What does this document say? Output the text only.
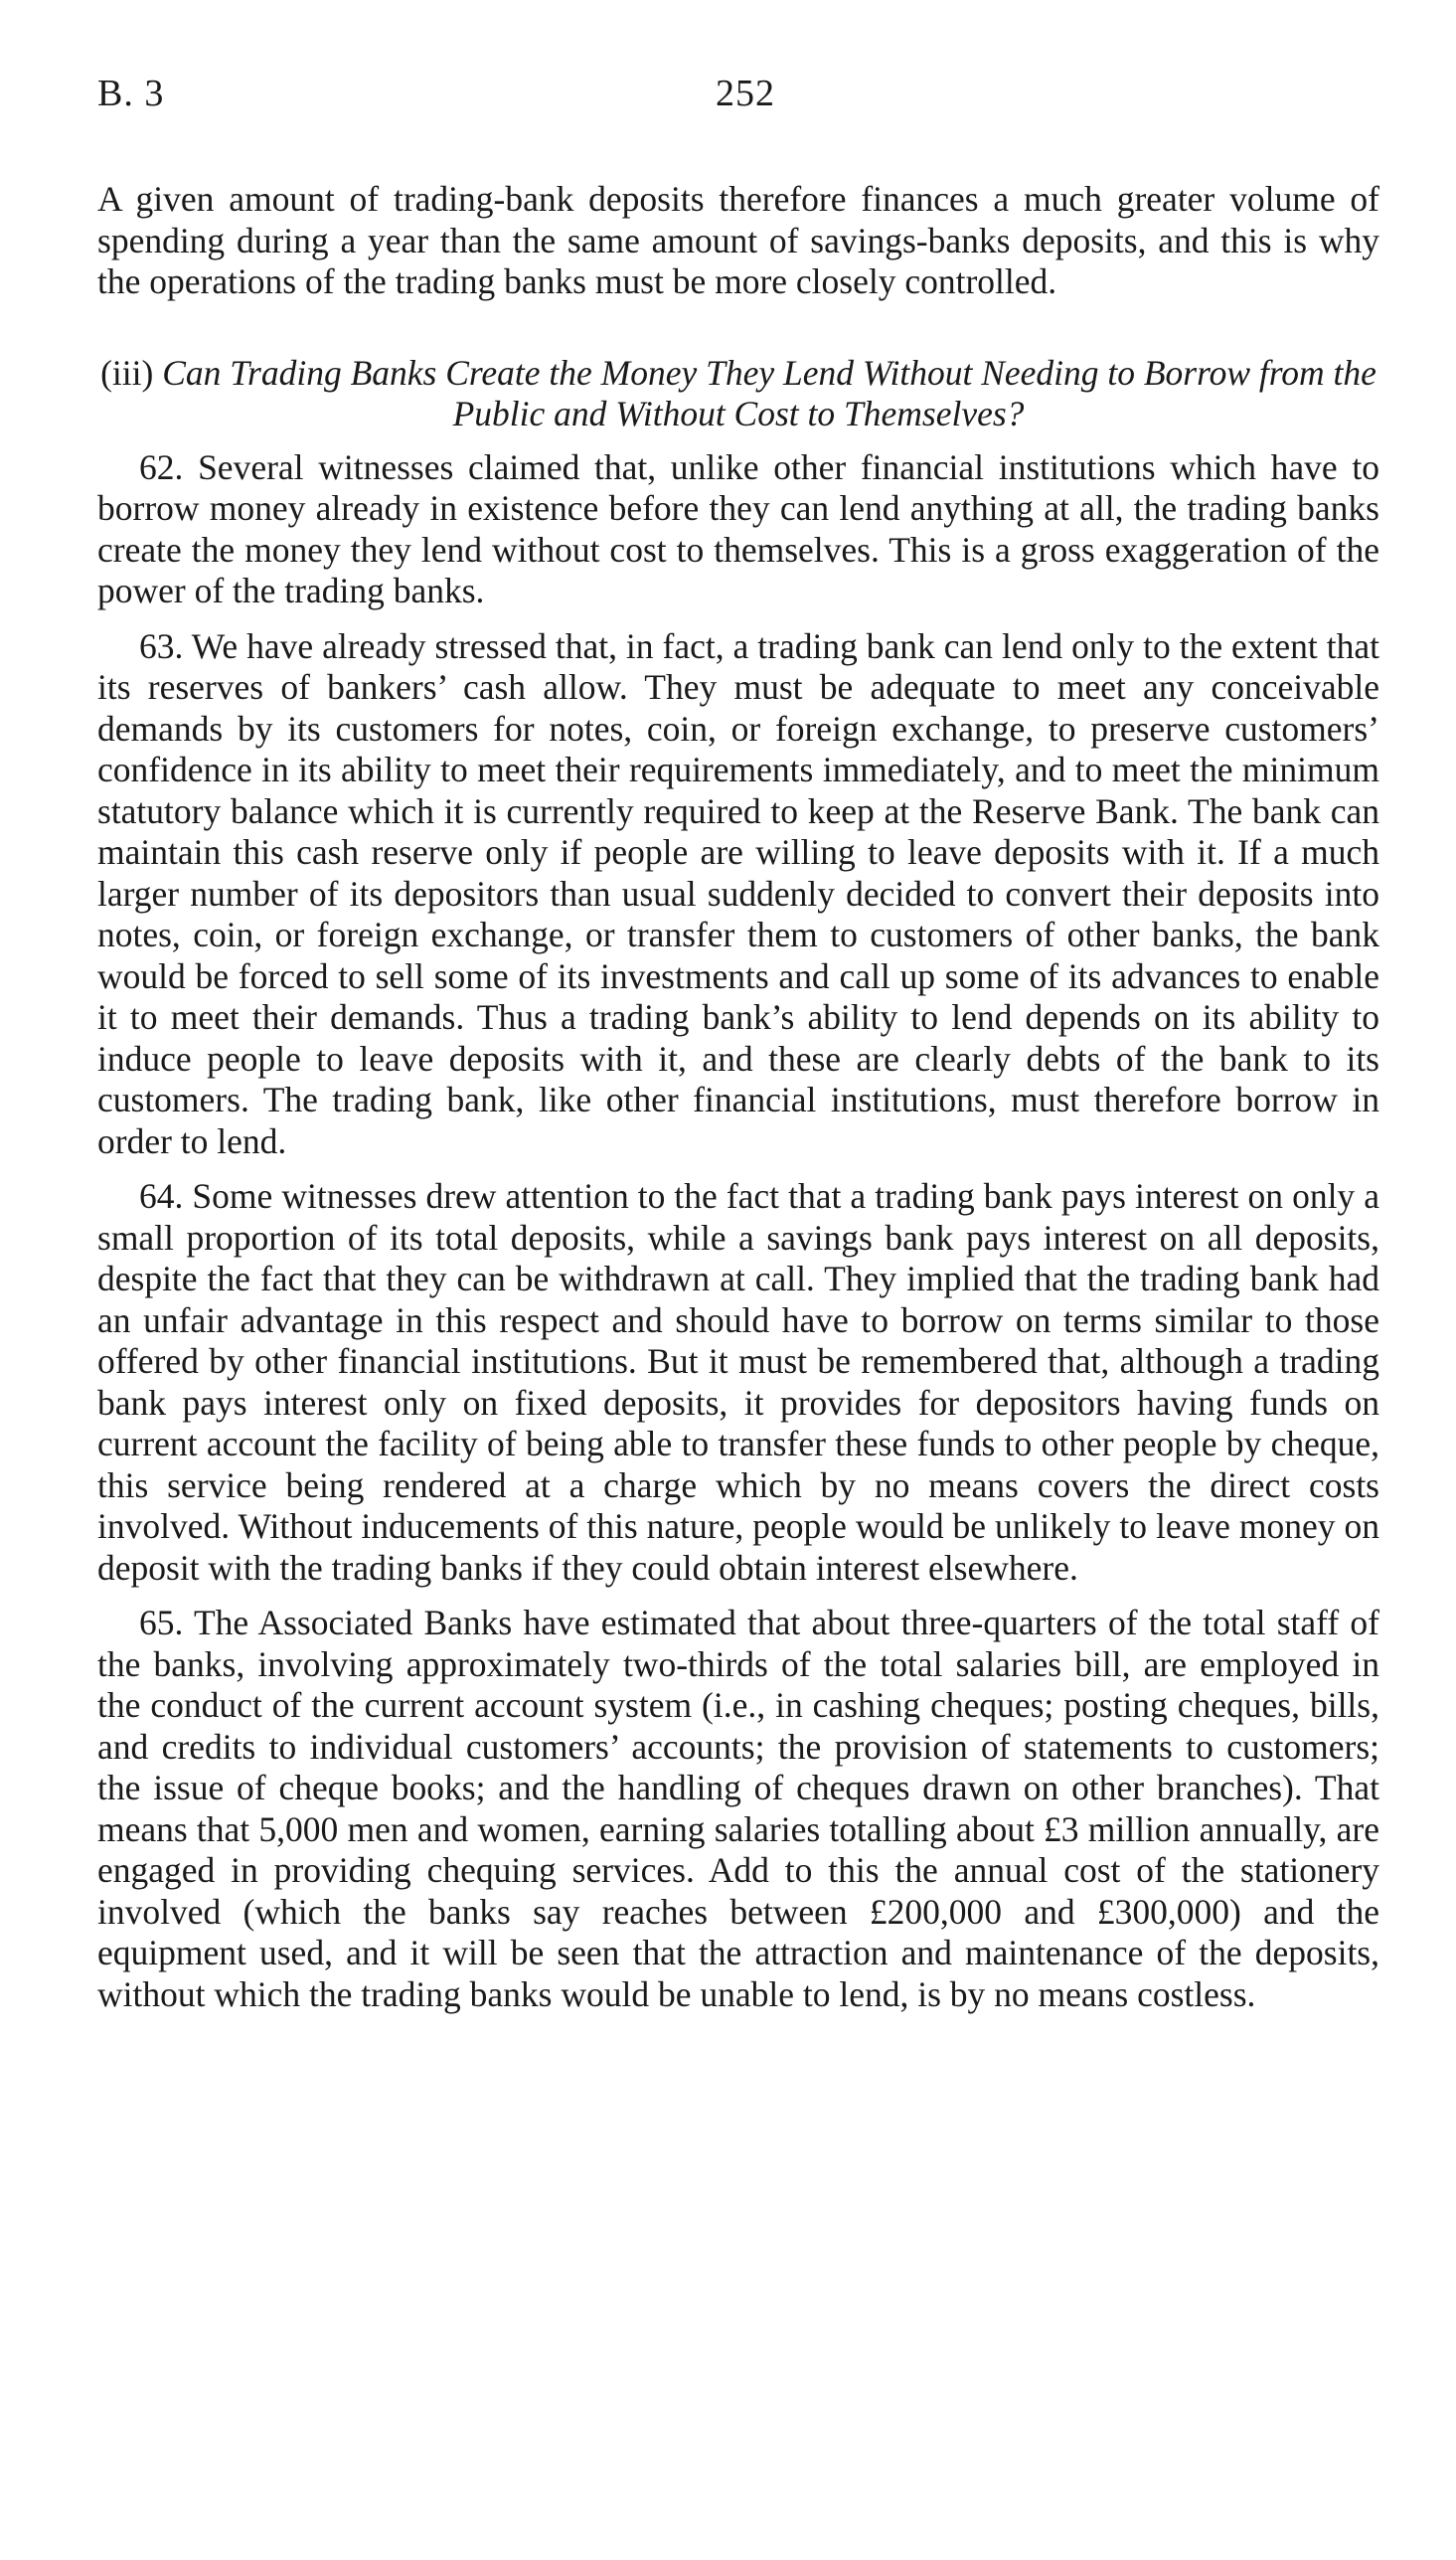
B. 3	252

A given amount of trading-bank deposits therefore finances a much greater volume of spending during a year than the same amount of savings-banks deposits, and this is why the operations of the trading banks must be more closely controlled.

(iii) Can Trading Banks Create the Money They Lend Without Needing to Borrow from the Public and Without Cost to Themselves?

62. Several witnesses claimed that, unlike other financial institutions which have to borrow money already in existence before they can lend anything at all, the trading banks create the money they lend without cost to themselves. This is a gross exaggeration of the power of the trading banks.

63. We have already stressed that, in fact, a trading bank can lend only to the extent that its reserves of bankers’ cash allow. They must be adequate to meet any conceivable demands by its customers for notes, coin, or foreign exchange, to preserve customers’ confidence in its ability to meet their requirements immediately, and to meet the minimum statutory balance which it is currently required to keep at the Reserve Bank. The bank can maintain this cash reserve only if people are willing to leave deposits with it. If a much larger number of its depositors than usual suddenly decided to convert their deposits into notes, coin, or foreign exchange, or transfer them to customers of other banks, the bank would be forced to sell some of its investments and call up some of its advances to enable it to meet their demands. Thus a trading bank’s ability to lend depends on its ability to induce people to leave deposits with it, and these are clearly debts of the bank to its customers. The trading bank, like other financial institutions, must therefore borrow in order to lend.

64. Some witnesses drew attention to the fact that a trading bank pays interest on only a small proportion of its total deposits, while a savings bank pays interest on all deposits, despite the fact that they can be withdrawn at call. They implied that the trading bank had an unfair advantage in this respect and should have to borrow on terms similar to those offered by other financial institutions. But it must be remembered that, although a trading bank pays interest only on fixed deposits, it provides for depositors having funds on current account the facility of being able to transfer these funds to other people by cheque, this service being rendered at a charge which by no means covers the direct costs involved. Without inducements of this nature, people would be unlikely to leave money on deposit with the trading banks if they could obtain interest elsewhere.

65. The Associated Banks have estimated that about three-quarters of the total staff of the banks, involving approximately two-thirds of the total salaries bill, are employed in the conduct of the current account system (i.e., in cashing cheques; posting cheques, bills, and credits to individual customers’ accounts; the provision of statements to customers; the issue of cheque books; and the handling of cheques drawn on other branches). That means that 5,000 men and women, earning salaries totalling about £3 million annually, are engaged in providing chequing services. Add to this the annual cost of the stationery involved (which the banks say reaches between £200,000 and £300,000) and the equipment used, and it will be seen that the attraction and maintenance of the deposits, without which the trading banks would be unable to lend, is by no means costless.
